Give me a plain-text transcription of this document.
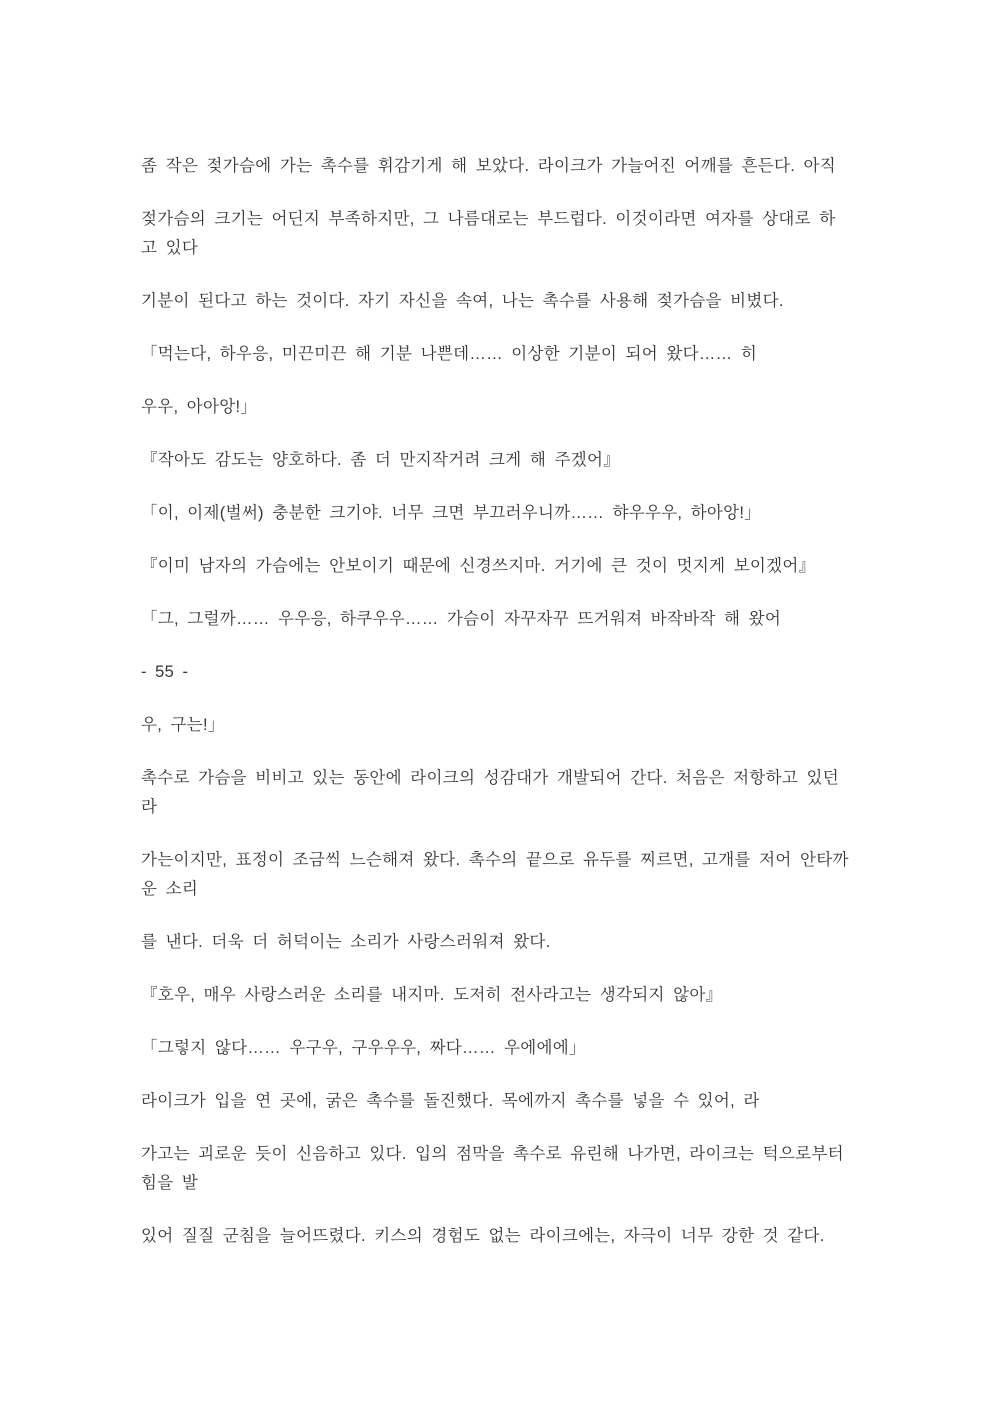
좀 작은 젖가슴에 가는 촉수를 휘감기게 해 보았다. 라이크가 가늘어진 어깨를 흔든다. 아직
젖가슴의 크기는 어딘지 부족하지만, 그 나름대로는 부드럽다. 이것이라면 여자를 상대로 하
고 있다
기분이 된다고 하는 것이다. 자기 자신을 속여, 나는 촉수를 사용해 젖가슴을 비볐다.
「먹는다, 하우응, 미끈미끈 해 기분 나쁜데…… 이상한 기분이 되어 왔다…… 히
우우, 아아앙!」
『작아도 감도는 양호하다. 좀 더 만지작거려 크게 해 주겠어』
「이, 이제(벌써) 충분한 크기야. 너무 크면 부끄러우니까…… 햐우우우, 하아앙!」
『이미 남자의 가슴에는 안보이기 때문에 신경쓰지마. 거기에 큰 것이 멋지게 보이겠어』
「그, 그럴까…… 우우응, 하쿠우우…… 가슴이 자꾸자꾸 뜨거워져 바작바작 해 왔어
- 55 -
우, 구는!」
촉수로 가슴을 비비고 있는 동안에 라이크의 성감대가 개발되어 간다. 처음은 저항하고 있던
라
가는이지만, 표정이 조금씩 느슨해져 왔다. 촉수의 끝으로 유두를 찌르면, 고개를 저어 안타까
운 소리
를 낸다. 더욱 더 허덕이는 소리가 사랑스러워져 왔다.
『호우, 매우 사랑스러운 소리를 내지마. 도저히 전사라고는 생각되지 않아』
「그렇지 않다…… 우구우, 구우우우, 짜다…… 우에에에」
라이크가 입을 연 곳에, 굵은 촉수를 돌진했다. 목에까지 촉수를 넣을 수 있어, 라
가고는 괴로운 듯이 신음하고 있다. 입의 점막을 촉수로 유린해 나가면, 라이크는 턱으로부터
힘을 발
있어 질질 군침을 늘어뜨렸다. 키스의 경험도 없는 라이크에는, 자극이 너무 강한 것 같다.
